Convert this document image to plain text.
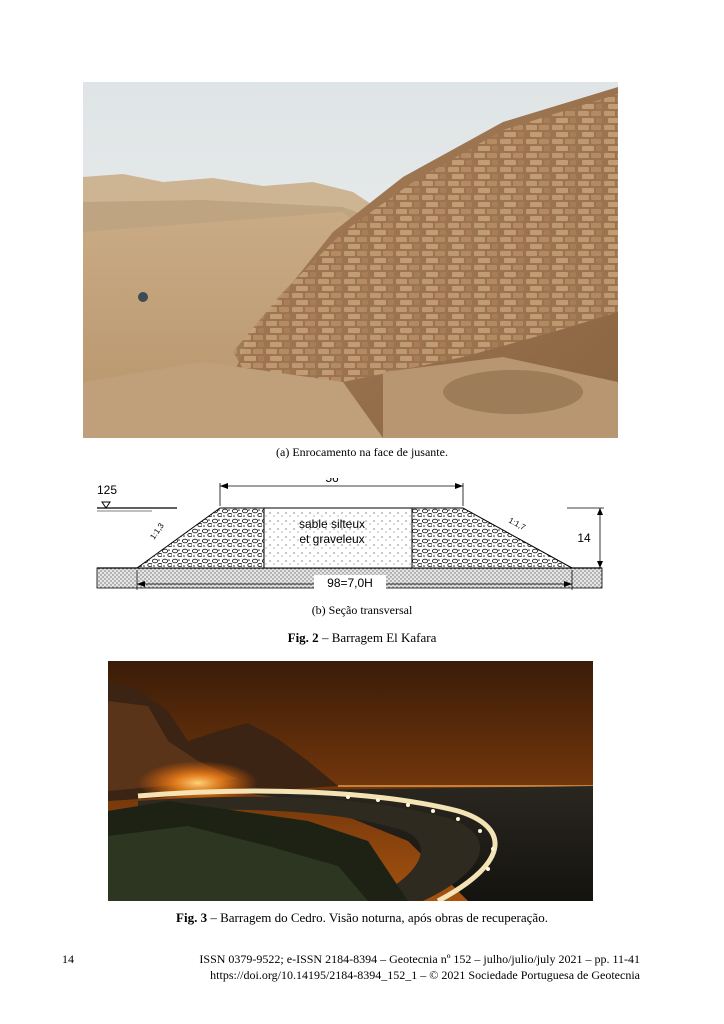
(a) Enrocamento na face de jusante.
125
56
sable silteux
et graveleux
1:1,3	1:1,7
14
98=7,0H
(b) Seção transversal
Fig. 2 – Barragem El Kafara
Fig. 3 – Barragem do Cedro. Visão noturna, após obras de recuperação.
14	ISSN 0379-9522; e-ISSN 2184-8394 – Geotecnia nº 152 – julho/julio/july 2021 – pp. 11-41
https://doi.org/10.14195/2184-8394_152_1 – © 2021 Sociedade Portuguesa de Geotecnia
